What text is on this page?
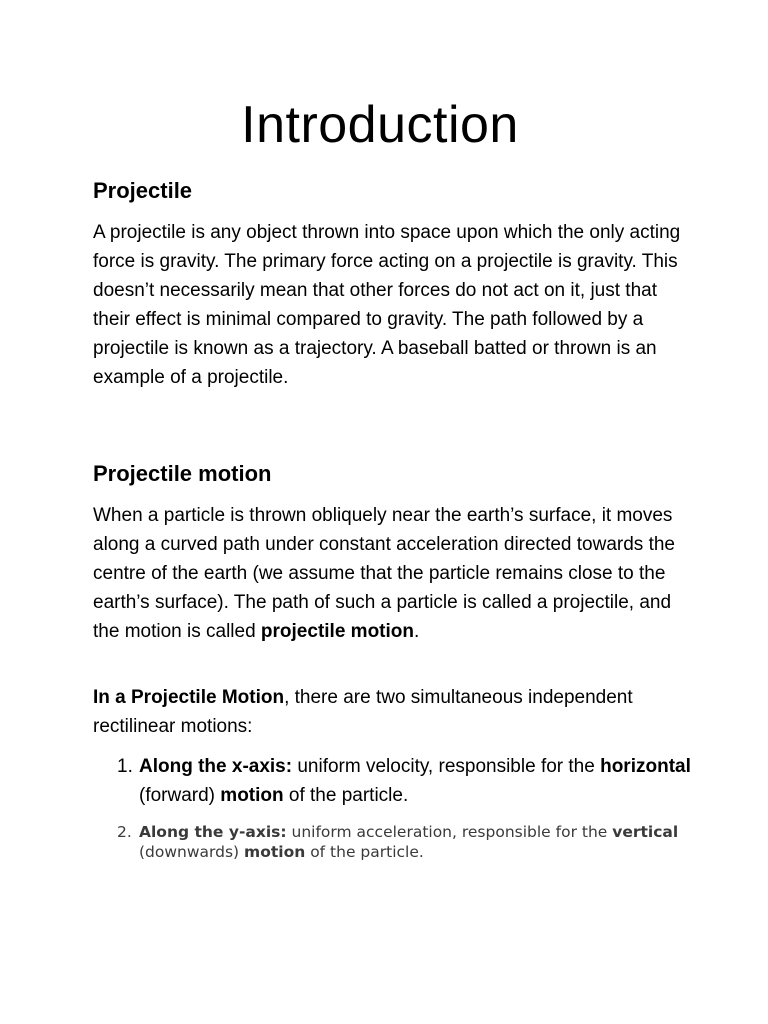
Introduction
Projectile

A projectile is any object thrown into space upon which the only acting force is gravity. The primary force acting on a projectile is gravity. This doesn’t necessarily mean that other forces do not act on it, just that their effect is minimal compared to gravity. The path followed by a projectile is known as a trajectory. A baseball batted or thrown is an example of a projectile.

Projectile motion

When a particle is thrown obliquely near the earth’s surface, it moves along a curved path under constant acceleration directed towards the centre of the earth (we assume that the particle remains close to the earth’s surface). The path of such a particle is called a projectile, and the motion is called projectile motion.

In a Projectile Motion, there are two simultaneous independent rectilinear motions:

1. Along the x-axis: uniform velocity, responsible for the horizontal (forward) motion of the particle.
2. Along the y-axis: uniform acceleration, responsible for the vertical (downwards) motion of the particle.
